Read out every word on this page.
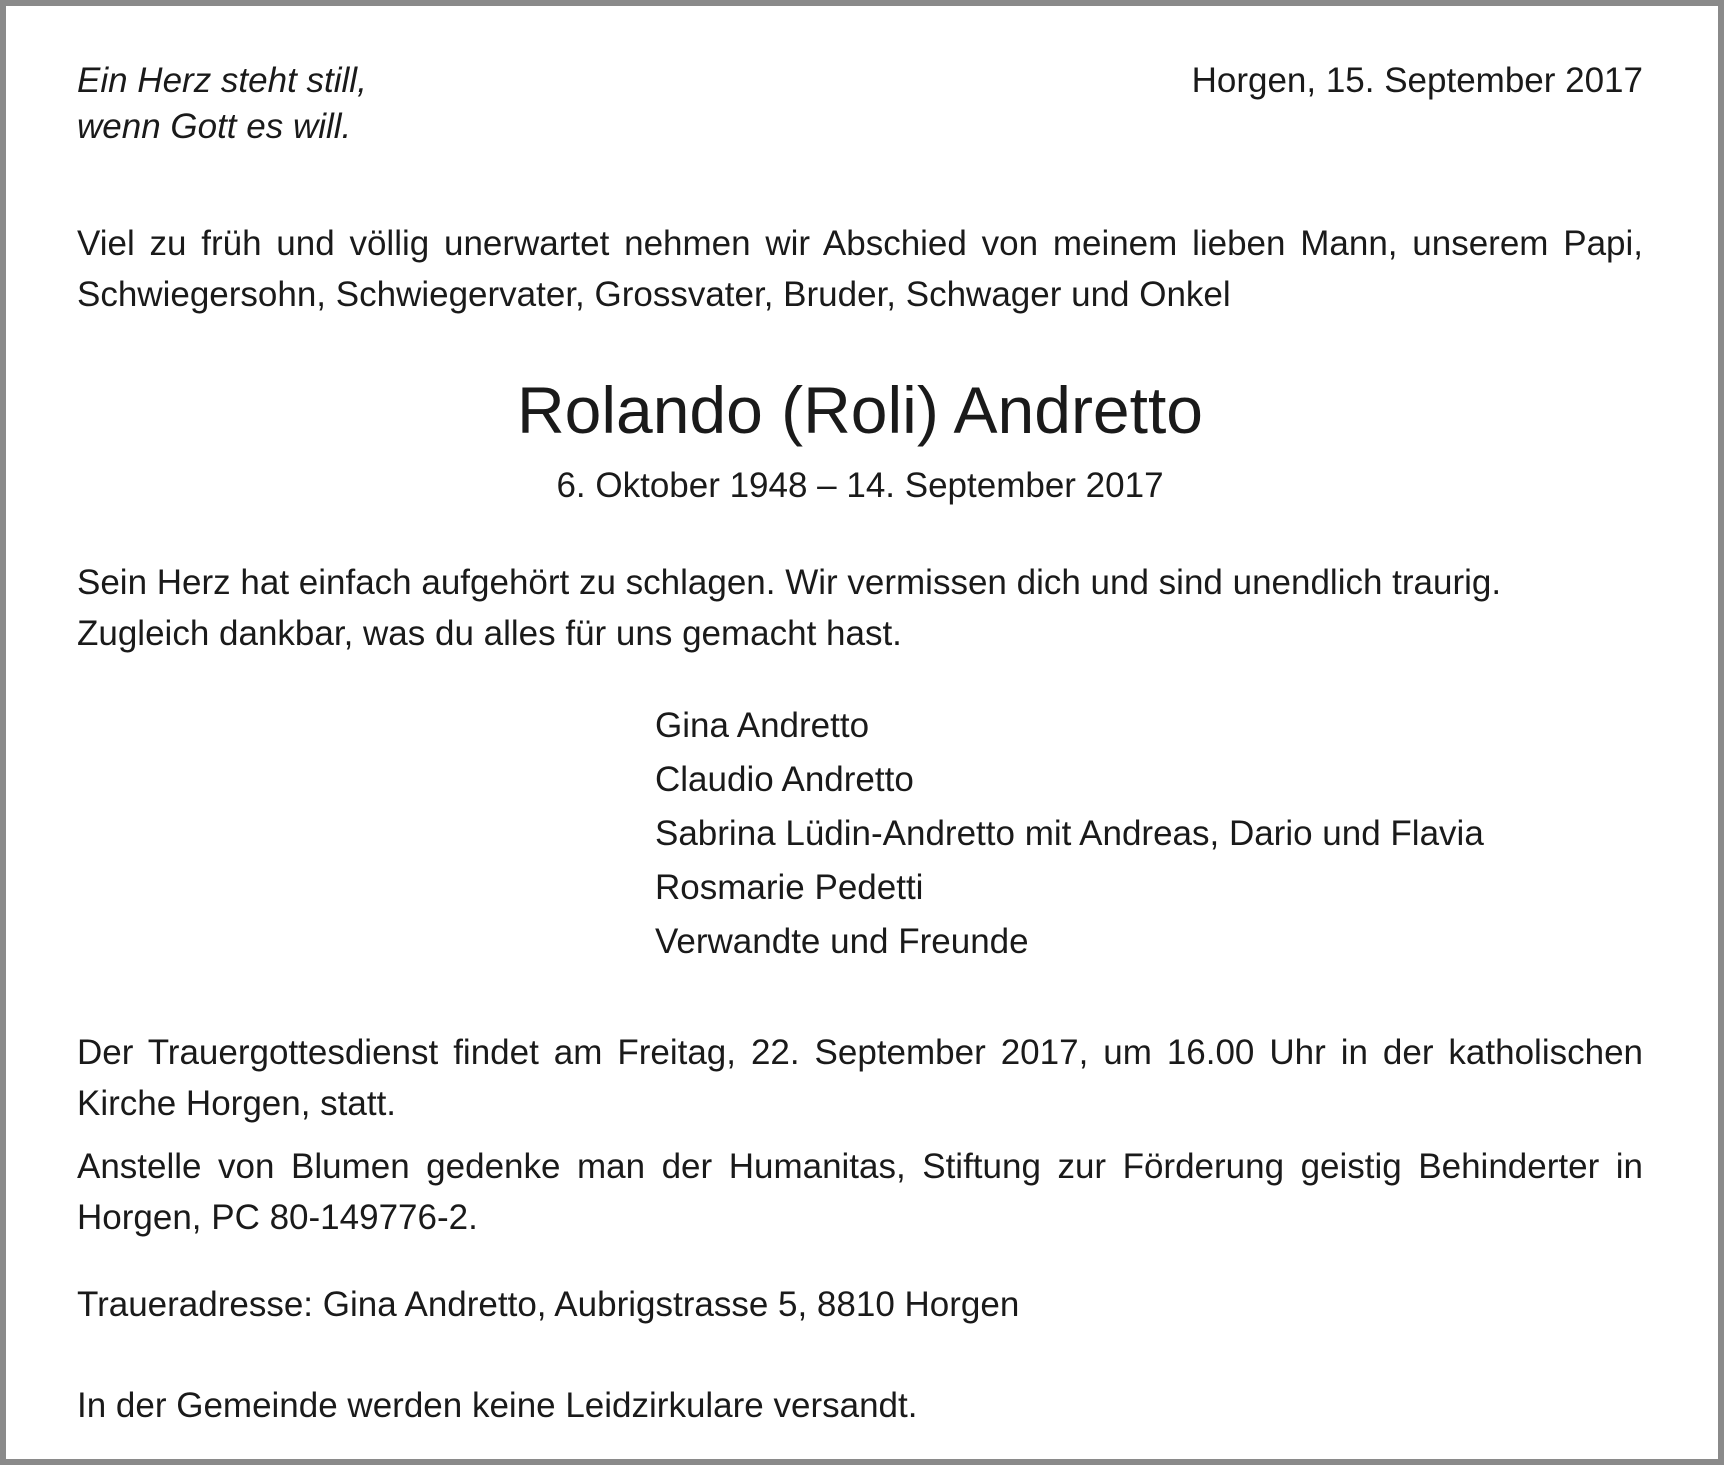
Ein Herz steht still,
wenn Gott es will.
Horgen, 15. September 2017
Viel zu früh und völlig unerwartet nehmen wir Abschied von meinem lieben Mann, unserem Papi, Schwiegersohn, Schwiegervater, Grossvater, Bruder, Schwager und Onkel
Rolando (Roli) Andretto
6. Oktober 1948 – 14. September 2017
Sein Herz hat einfach aufgehört zu schlagen. Wir vermissen dich und sind unendlich traurig. Zugleich dankbar, was du alles für uns gemacht hast.
Gina Andretto
Claudio Andretto
Sabrina Lüdin-Andretto mit Andreas, Dario und Flavia
Rosmarie Pedetti
Verwandte und Freunde
Der Trauergottesdienst findet am Freitag, 22. September 2017, um 16.00 Uhr in der katholischen Kirche Horgen, statt.
Anstelle von Blumen gedenke man der Humanitas, Stiftung zur Förderung geistig Behinderter in Horgen, PC 80-149776-2.
Traueradresse: Gina Andretto, Aubrigstrasse 5, 8810 Horgen
In der Gemeinde werden keine Leidzirkulare versandt.
